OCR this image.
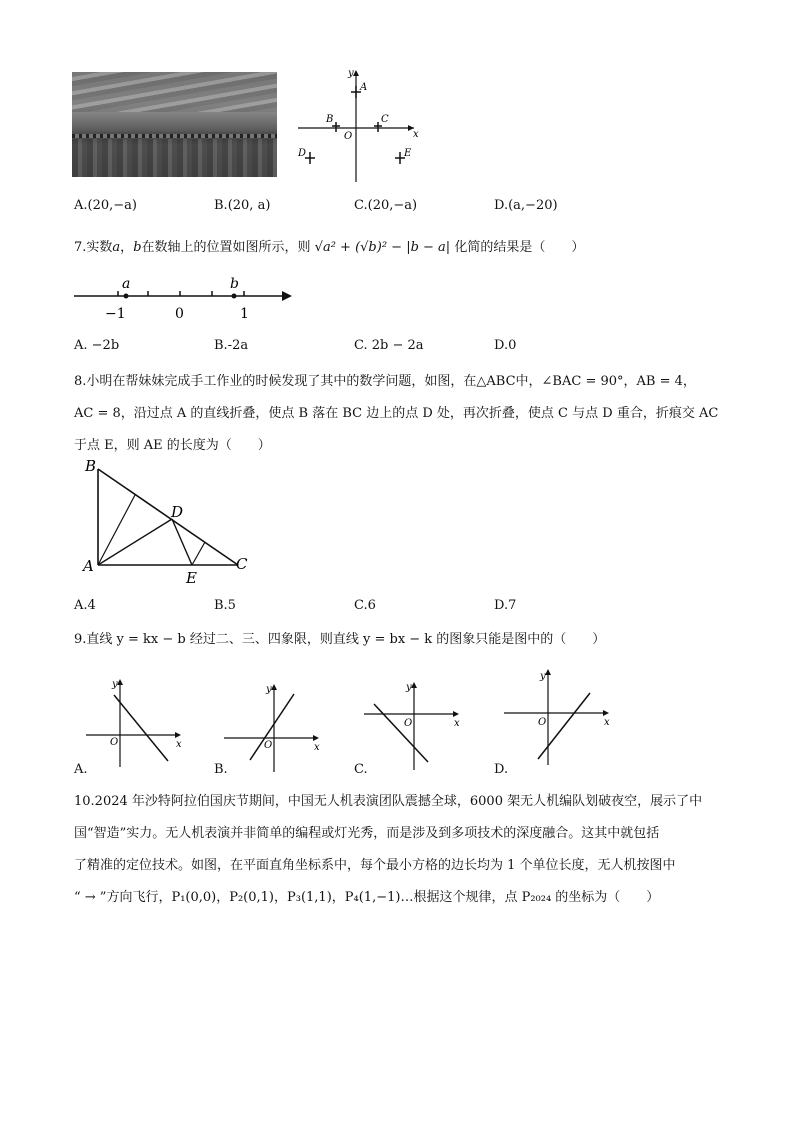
y
x
O
A
B	C
D	E
A.(20,−a)	B.(20, a)	C.(20,−a)	D.(a,−20)
7.实数a，b在数轴上的位置如图所示，则 √a² + (√b)² − |b − a| 化简的结果是（　　）
a	b
−1	0	1
A. −2b	B.-2a	C. 2b − 2a	D.0
8.小明在帮妹妹完成手工作业的时候发现了其中的数学问题，如图，在△ABC中，∠BAC = 90°，AB = 4，
AC = 8，沿过点 A 的直线折叠，使点 B 落在 BC 边上的点 D 处，再次折叠，使点 C 与点 D 重合，折痕交 AC
于点 E，则 AE 的长度为（　　）
B
D
A
E
C
A.4	B.5	C.6	D.7
9.直线 y = kx − b 经过二、三、四象限，则直线 y = bx − k 的图象只能是图中的（　　）
y
x
O
y
x
O
y
x
O
y
x
O
A.	B.	C.	D.
10.2024 年沙特阿拉伯国庆节期间，中国无人机表演团队震撼全球，6000 架无人机编队划破夜空，展示了中
国“智造”实力。无人机表演并非简单的编程或灯光秀，而是涉及到多项技术的深度融合。这其中就包括
了精准的定位技术。如图，在平面直角坐标系中，每个最小方格的边长均为 1 个单位长度，无人机按图中
“ → ”方向飞行，P₁(0,0)，P₂(0,1)，P₃(1,1)，P₄(1,−1)…根据这个规律，点 P₂₀₂₄ 的坐标为（　　）
